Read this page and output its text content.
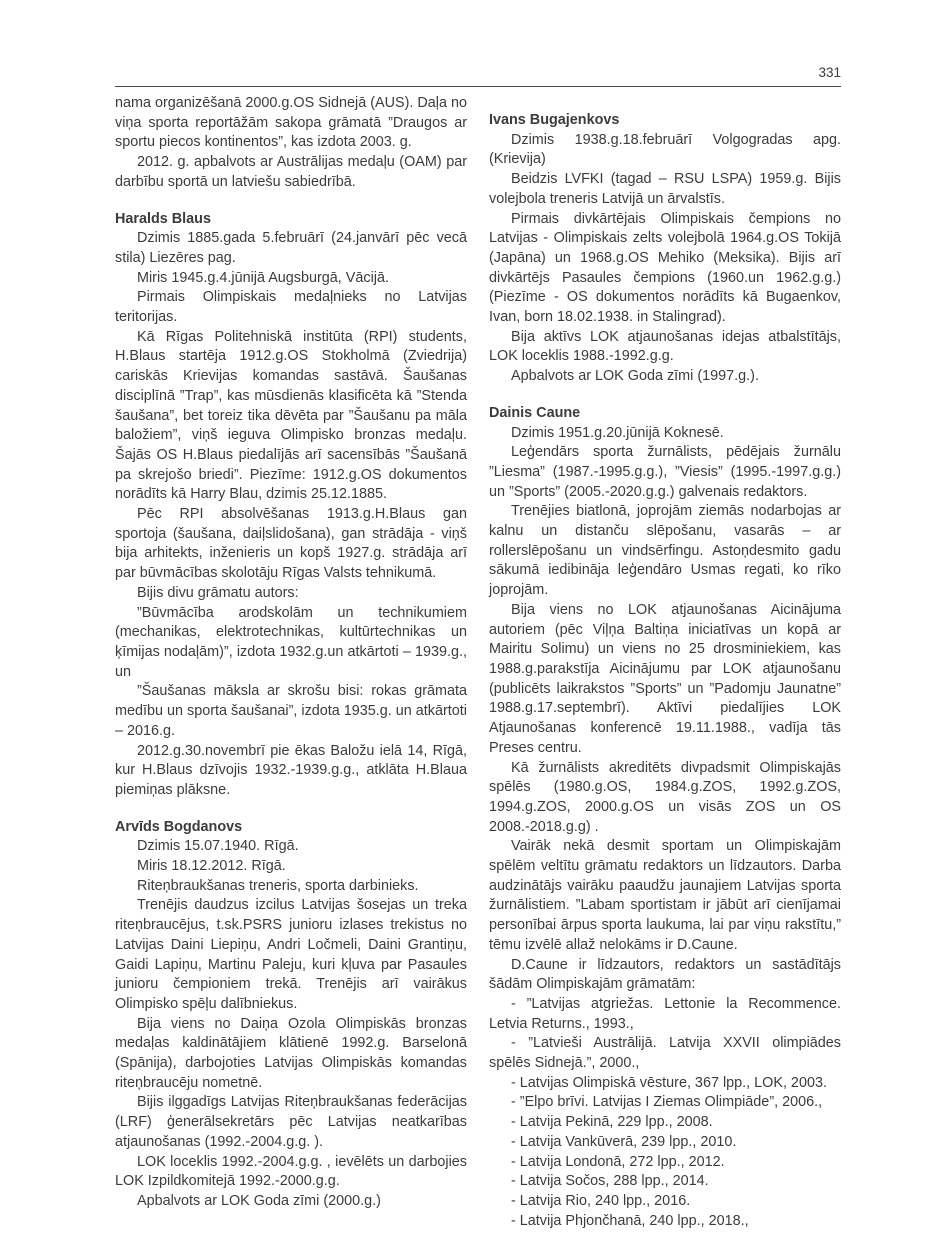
331
nama organizēšanā 2000.g.OS Sidnejā (AUS). Daļa no viņa sporta reportāžām sakopa grāmatā ”Draugos ar sportu piecos kontinentos”, kas izdota 2003. g.
2012. g. apbalvots ar Austrālijas medaļu (OAM) par darbību sportā un latviešu sabiedrībā.
Haralds Blaus
Dzimis 1885.gada 5.februārī (24.janvārī pēc vecā stila) Liezēres pag.
Miris 1945.g.4.jūnijā Augsburgā, Vācijā.
Pirmais Olimpiskais medaļnieks no Latvijas teritorijas.
Kā Rīgas Politehniskā institūta (RPI) students, H.Blaus startēja 1912.g.OS Stokholmā (Zviedrija) cariskās Krievijas komandas sastāvā. Šaušanas disciplīnā ”Trap”, kas mūsdienās klasificēta kā ”Stenda šaušana”, bet toreiz tika dēvēta par ”Šaušanu pa māla baložiem”, viņš ieguva Olimpisko bronzas medaļu. Šajās OS H.Blaus piedalījās arī sacensībās ”Šaušanā pa skrejošo briedi”. Piezīme: 1912.g.OS dokumentos norādīts kā Harry Blau, dzimis 25.12.1885.
Pēc RPI absolvēšanas 1913.g.H.Blaus gan sportoja (šaušana, daiļslidošana), gan strādāja - viņš bija arhitekts, inženieris un kopš 1927.g. strādāja arī par būvmācības skolotāju Rīgas Valsts tehnikumā.
Bijis divu grāmatu autors:
”Būvmācība arodskolām un technikumiem (mechanikas, elektrotechnikas, kultūrtechnikas un ķīmijas nodaļām)”, izdota 1932.g.un atkārtoti – 1939.g., un
”Šaušanas māksla ar skrošu bisi: rokas grāmata medību un sporta šaušanai”, izdota 1935.g. un atkārtoti – 2016.g.
2012.g.30.novembrī pie ēkas Baložu ielā 14, Rīgā, kur H.Blaus dzīvojis 1932.-1939.g.g., atklāta H.Blaua piemiņas plāksne.
Arvīds Bogdanovs
Dzimis 15.07.1940. Rīgā.
Miris 18.12.2012. Rīgā.
Riteņbraukšanas treneris, sporta darbinieks.
Trenējis daudzus izcilus Latvijas šosejas un treka riteņbraucējus, t.sk.PSRS junioru izlases trekistus no Latvijas Daini Liepiņu, Andri Ločmeli, Daini Grantiņu, Gaidi Lapiņu, Martinu Paleju, kuri kļuva par Pasaules junioru čempioniem trekā. Trenējis arī vairākus Olimpisko spēļu dalībniekus.
Bija viens no Daiņa Ozola Olimpiskās bronzas medaļas kaldinātājiem klātienē 1992.g. Barselonā (Spānija), darbojoties Latvijas Olimpiskās komandas riteņbraucēju nometnē.
Bijis ilggadīgs Latvijas Riteņbraukšanas federācijas (LRF) ģenerālsekretārs pēc Latvijas neatkarības atjaunošanas (1992.-2004.g.g. ).
LOK loceklis 1992.-2004.g.g. , ievēlēts un darbojies LOK Izpildkomitejā 1992.-2000.g.g.
Apbalvots ar LOK Goda zīmi (2000.g.)
Ivans Bugajenkovs
Dzimis 1938.g.18.februārī Volgogradas apg. (Krievija)
Beidzis LVFKI (tagad – RSU LSPA) 1959.g. Bijis volejbola treneris Latvijā un ārvalstīs.
Pirmais divkārtējais Olimpiskais čempions no Latvijas - Olimpiskais zelts volejbolā 1964.g.OS Tokijā (Japāna) un 1968.g.OS Mehiko (Meksika). Bijis arī divkārtējs Pasaules čempions (1960.un 1962.g.g.) (Piezīme - OS dokumentos norādīts kā Bugaenkov, Ivan, born 18.02.1938. in Stalingrad).
Bija aktīvs LOK atjaunošanas idejas atbalstītājs, LOK loceklis 1988.-1992.g.g.
Apbalvots ar LOK Goda zīmi (1997.g.).
Dainis Caune
Dzimis 1951.g.20.jūnijā Koknesē.
Leģendārs sporta žurnālists, pēdējais žurnālu ”Liesma” (1987.-1995.g.g.), ”Viesis” (1995.-1997.g.g.) un ”Sports” (2005.-2020.g.g.) galvenais redaktors.
Trenējies biatlonā, joprojām ziemās nodarbojas ar kalnu un distanču slēpošanu, vasarās – ar rollerslēpošanu un vindsērfingu. Astoņdesmito gadu sākumā iedibināja leģendāro Usmas regati, ko rīko joprojām.
Bija viens no LOK atjaunošanas Aicinājuma autoriem (pēc Viļņa Baltiņa iniciatīvas un kopā ar Mairitu Solimu) un viens no 25 drosminiekiem, kas 1988.g.parakstīja Aicinājumu par LOK atjaunošanu (publicēts laikrakstos ”Sports” un ”Padomju Jaunatne” 1988.g.17.septembrī). Aktīvi piedalījies LOK Atjaunošanas konferencē 19.11.1988., vadīja tās Preses centru.
Kā žurnālists akreditēts divpadsmit Olimpiskajās spēlēs (1980.g.OS, 1984.g.ZOS, 1992.g.ZOS, 1994.g.ZOS, 2000.g.OS un visās ZOS un OS 2008.-2018.g.g) .
Vairāk nekā desmit sportam un Olimpiskajām spēlēm veltītu grāmatu redaktors un līdzautors. Darba audzinātājs vairāku paaudžu jaunajiem Latvijas sporta žurnālistiem. ”Labam sportistam ir jābūt arī cienījamai personībai ārpus sporta laukuma, lai par viņu rakstītu,” tēmu izvēlē allaž nelokāms ir D.Caune.
D.Caune ir līdzautors, redaktors un sastādītājs šādām Olimpiskajām grāmatām:
- ”Latvijas atgriežas. Lettonie la Recommence. Letvia Returns., 1993.,
- ”Latvieši Austrālijā. Latvija XXVII olimpiādes spēlēs Sidnejā.”, 2000.,
- Latvijas Olimpiskā vēsture, 367 lpp., LOK, 2003.
- ”Elpo brīvi. Latvijas I Ziemas Olimpiāde”, 2006.,
- Latvija Pekinā, 229 lpp., 2008.
- Latvija Vankūverā, 239 lpp., 2010.
- Latvija Londonā, 272 lpp., 2012.
- Latvija Sočos, 288 lpp., 2014.
- Latvija Rio, 240 lpp., 2016.
- Latvija Phjončhanā, 240 lpp., 2018.,
